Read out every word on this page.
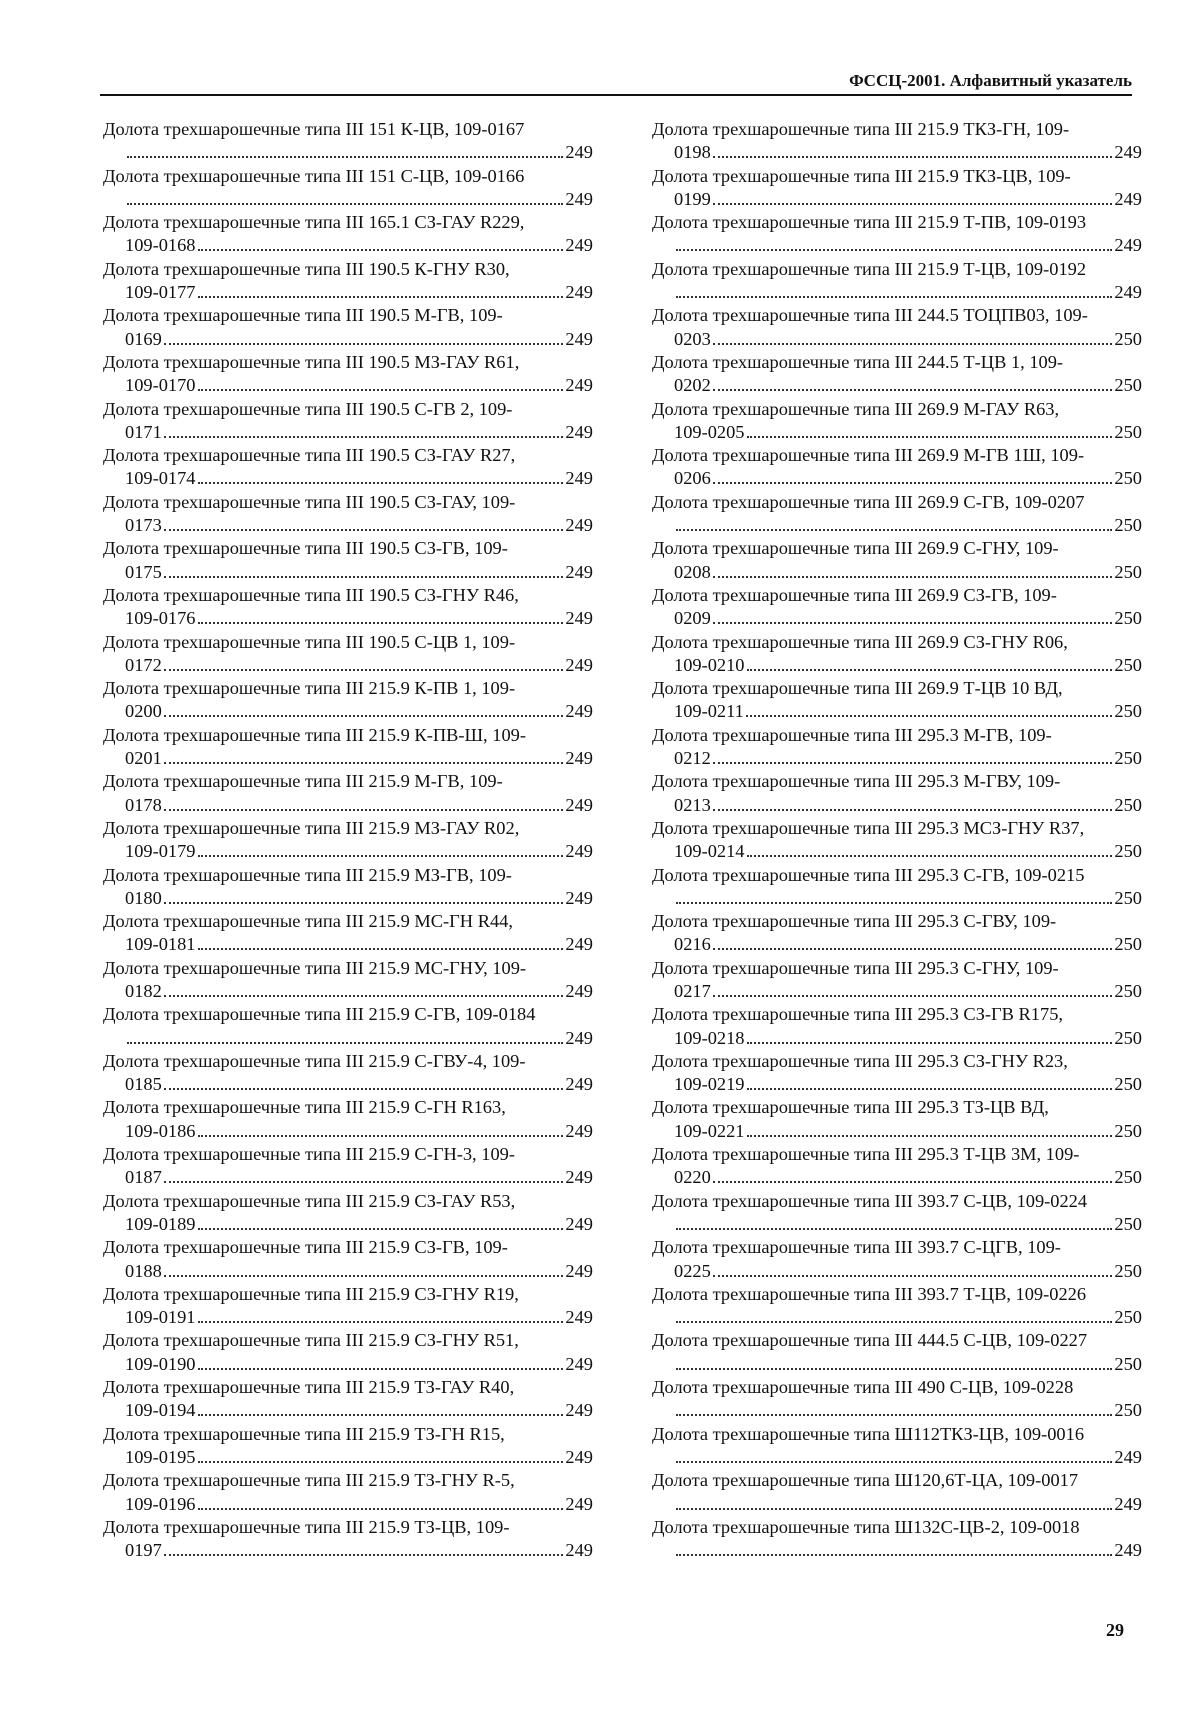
ФССЦ-2001. Алфавитный указатель
Долота трехшарошечные типа III 151 К-ЦВ, 109-0167
249
Долота трехшарошечные типа III 151 С-ЦВ, 109-0166
249
Долота трехшарошечные типа III 165.1 СЗ-ГАУ R229,
109-0168	249
Долота трехшарошечные типа III 190.5 К-ГНУ R30,
109-0177	249
Долота трехшарошечные типа III 190.5 М-ГВ, 109-
0169	249
Долота трехшарошечные типа III 190.5 МЗ-ГАУ R61,
109-0170	249
Долота трехшарошечные типа III 190.5 С-ГВ 2, 109-
0171	249
Долота трехшарошечные типа III 190.5 СЗ-ГАУ R27,
109-0174	249
Долота трехшарошечные типа III 190.5 СЗ-ГАУ, 109-
0173	249
Долота трехшарошечные типа III 190.5 СЗ-ГВ, 109-
0175	249
Долота трехшарошечные типа III 190.5 СЗ-ГНУ R46,
109-0176	249
Долота трехшарошечные типа III 190.5 С-ЦВ 1, 109-
0172	249
Долота трехшарошечные типа III 215.9 К-ПВ 1, 109-
0200	249
Долота трехшарошечные типа III 215.9 К-ПВ-Ш, 109-
0201	249
Долота трехшарошечные типа III 215.9 М-ГВ, 109-
0178	249
Долота трехшарошечные типа III 215.9 МЗ-ГАУ R02,
109-0179	249
Долота трехшарошечные типа III 215.9 МЗ-ГВ, 109-
0180	249
Долота трехшарошечные типа III 215.9 МС-ГН R44,
109-0181	249
Долота трехшарошечные типа III 215.9 МС-ГНУ, 109-
0182	249
Долота трехшарошечные типа III 215.9 С-ГВ, 109-0184
249
Долота трехшарошечные типа III 215.9 С-ГВУ-4, 109-
0185	249
Долота трехшарошечные типа III 215.9 С-ГН R163,
109-0186	249
Долота трехшарошечные типа III 215.9 С-ГН-3, 109-
0187	249
Долота трехшарошечные типа III 215.9 СЗ-ГАУ R53,
109-0189	249
Долота трехшарошечные типа III 215.9 СЗ-ГВ, 109-
0188	249
Долота трехшарошечные типа III 215.9 СЗ-ГНУ R19,
109-0191	249
Долота трехшарошечные типа III 215.9 СЗ-ГНУ R51,
109-0190	249
Долота трехшарошечные типа III 215.9 ТЗ-ГАУ R40,
109-0194	249
Долота трехшарошечные типа III 215.9 ТЗ-ГН R15,
109-0195	249
Долота трехшарошечные типа III 215.9 ТЗ-ГНУ R-5,
109-0196	249
Долота трехшарошечные типа III 215.9 ТЗ-ЦВ, 109-
0197	249
Долота трехшарошечные типа III 215.9 ТКЗ-ГН, 109-
0198	249
Долота трехшарошечные типа III 215.9 ТКЗ-ЦВ, 109-
0199	249
Долота трехшарошечные типа III 215.9 Т-ПВ, 109-0193
249
Долота трехшарошечные типа III 215.9 Т-ЦВ, 109-0192
249
Долота трехшарошечные типа III 244.5 ТОЦПВ03, 109-
0203	250
Долота трехшарошечные типа III 244.5 Т-ЦВ 1, 109-
0202	250
Долота трехшарошечные типа III 269.9 М-ГАУ R63,
109-0205	250
Долота трехшарошечные типа III 269.9 М-ГВ 1Ш, 109-
0206	250
Долота трехшарошечные типа III 269.9 С-ГВ, 109-0207
250
Долота трехшарошечные типа III 269.9 С-ГНУ, 109-
0208	250
Долота трехшарошечные типа III 269.9 СЗ-ГВ, 109-
0209	250
Долота трехшарошечные типа III 269.9 СЗ-ГНУ R06,
109-0210	250
Долота трехшарошечные типа III 269.9 Т-ЦВ 10 ВД,
109-0211	250
Долота трехшарошечные типа III 295.3 М-ГВ, 109-
0212	250
Долота трехшарошечные типа III 295.3 М-ГВУ, 109-
0213	250
Долота трехшарошечные типа III 295.3 МСЗ-ГНУ R37,
109-0214	250
Долота трехшарошечные типа III 295.3 С-ГВ, 109-0215
250
Долота трехшарошечные типа III 295.3 С-ГВУ, 109-
0216	250
Долота трехшарошечные типа III 295.3 С-ГНУ, 109-
0217	250
Долота трехшарошечные типа III 295.3 СЗ-ГВ R175,
109-0218	250
Долота трехшарошечные типа III 295.3 СЗ-ГНУ R23,
109-0219	250
Долота трехшарошечные типа III 295.3 ТЗ-ЦВ ВД,
109-0221	250
Долота трехшарошечные типа III 295.3 Т-ЦВ 3М, 109-
0220	250
Долота трехшарошечные типа III 393.7 С-ЦВ, 109-0224
250
Долота трехшарошечные типа III 393.7 С-ЦГВ, 109-
0225	250
Долота трехшарошечные типа III 393.7 Т-ЦВ, 109-0226
250
Долота трехшарошечные типа III 444.5 С-ЦВ, 109-0227
250
Долота трехшарошечные типа III 490 С-ЦВ, 109-0228
250
Долота трехшарошечные типа Ш112ТКЗ-ЦВ, 109-0016
249
Долота трехшарошечные типа Ш120,6Т-ЦА, 109-0017
249
Долота трехшарошечные типа Ш132С-ЦВ-2, 109-0018
249
29
